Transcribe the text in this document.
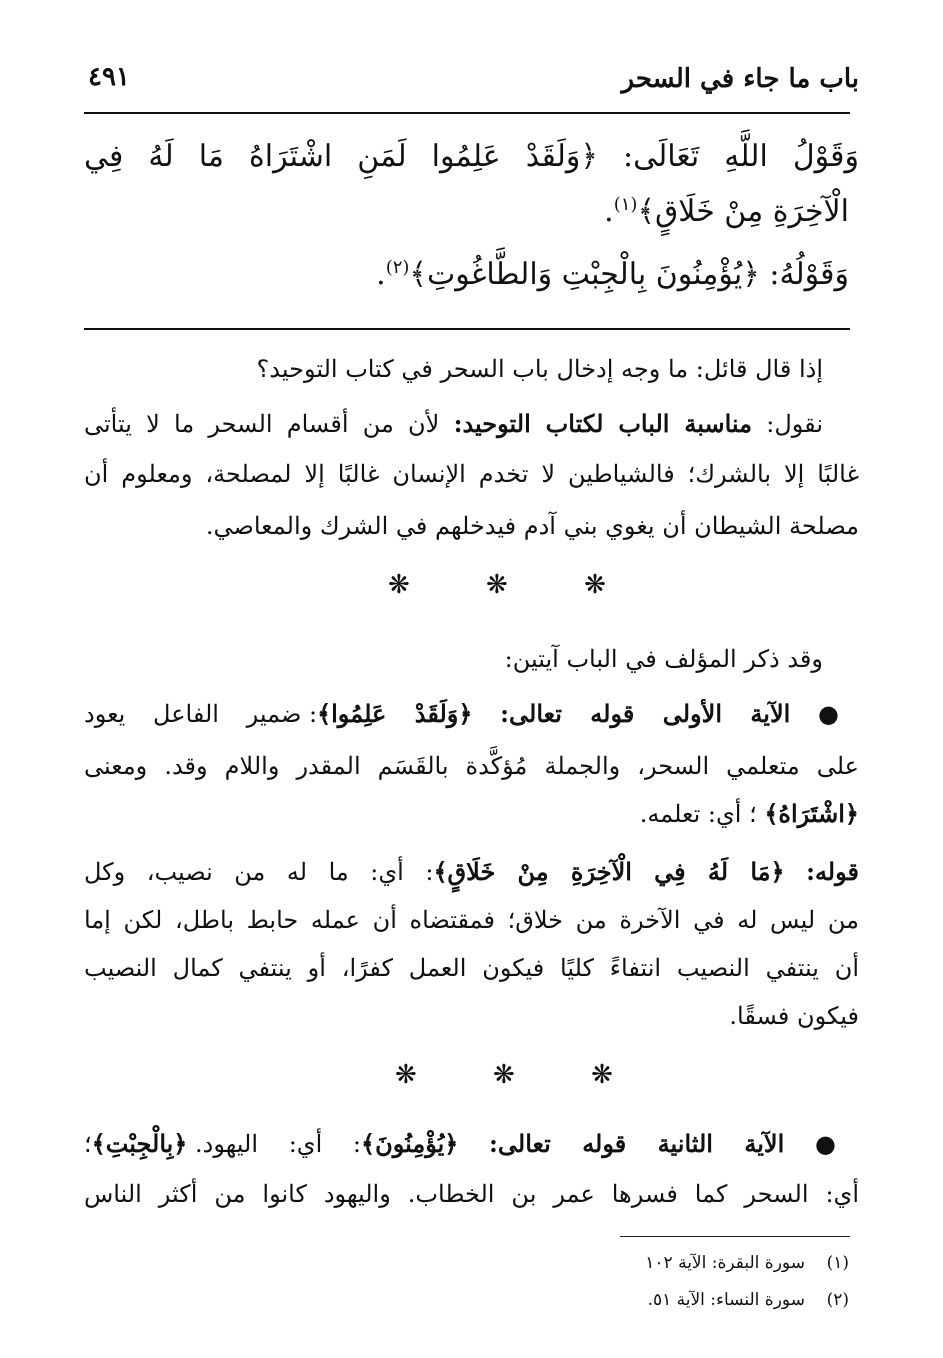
باب ما جاء في السحر
٤٩١
وَقَوْلُ اللَّهِ تَعَالَى: ﴿وَلَقَدْ عَلِمُوا لَمَنِ اشْتَرَاهُ مَا لَهُ فِي
الْآخِرَةِ مِنْ خَلَاقٍ﴾$^{(١)}$.
وَقَوْلُهُ: ﴿يُؤْمِنُونَ بِالْجِبْتِ وَالطَّاغُوتِ﴾$^{(٢)}$.
إذا قال قائل: ما وجه إدخال باب السحر في كتاب التوحيد؟
نقول: مناسبة الباب لكتاب التوحيد: لأن من أقسام السحر ما لا يتأتى
غالبًا إلا بالشرك؛ فالشياطين لا تخدم الإنسان غالبًا إلا لمصلحة، ومعلوم أن
مصلحة الشيطان أن يغوي بني آدم فيدخلهم في الشرك والمعاصي.
❋ ❋ ❋
وقد ذكر المؤلف في الباب آيتين:
● الآية الأولى قوله تعالى: ﴿وَلَقَدْ عَلِمُوا﴾: ضمير الفاعل يعود
على متعلمي السحر، والجملة مُؤكَّدة بالقَسَم المقدر واللام وقد. ومعنى
﴿اشْتَرَاهُ﴾ ؛ أي: تعلمه.
قوله: ﴿مَا لَهُ فِي الْآخِرَةِ مِنْ خَلَاقٍ﴾: أي: ما له من نصيب، وكل
من ليس له في الآخرة من خلاق؛ فمقتضاه أن عمله حابط باطل، لكن إما
أن ينتفي النصيب انتفاءً كليًا فيكون العمل كفرًا، أو ينتفي كمال النصيب
فيكون فسقًا.
❋ ❋ ❋
● الآية الثانية قوله تعالى: ﴿يُؤْمِنُونَ﴾: أي: اليهود. ﴿بِالْجِبْتِ﴾؛
أي: السحر كما فسرها عمر بن الخطاب. واليهود كانوا من أكثر الناس
(١)    سورة البقرة: الآية ١٠٢
(٢)    سورة النساء: الآية ٥١.
